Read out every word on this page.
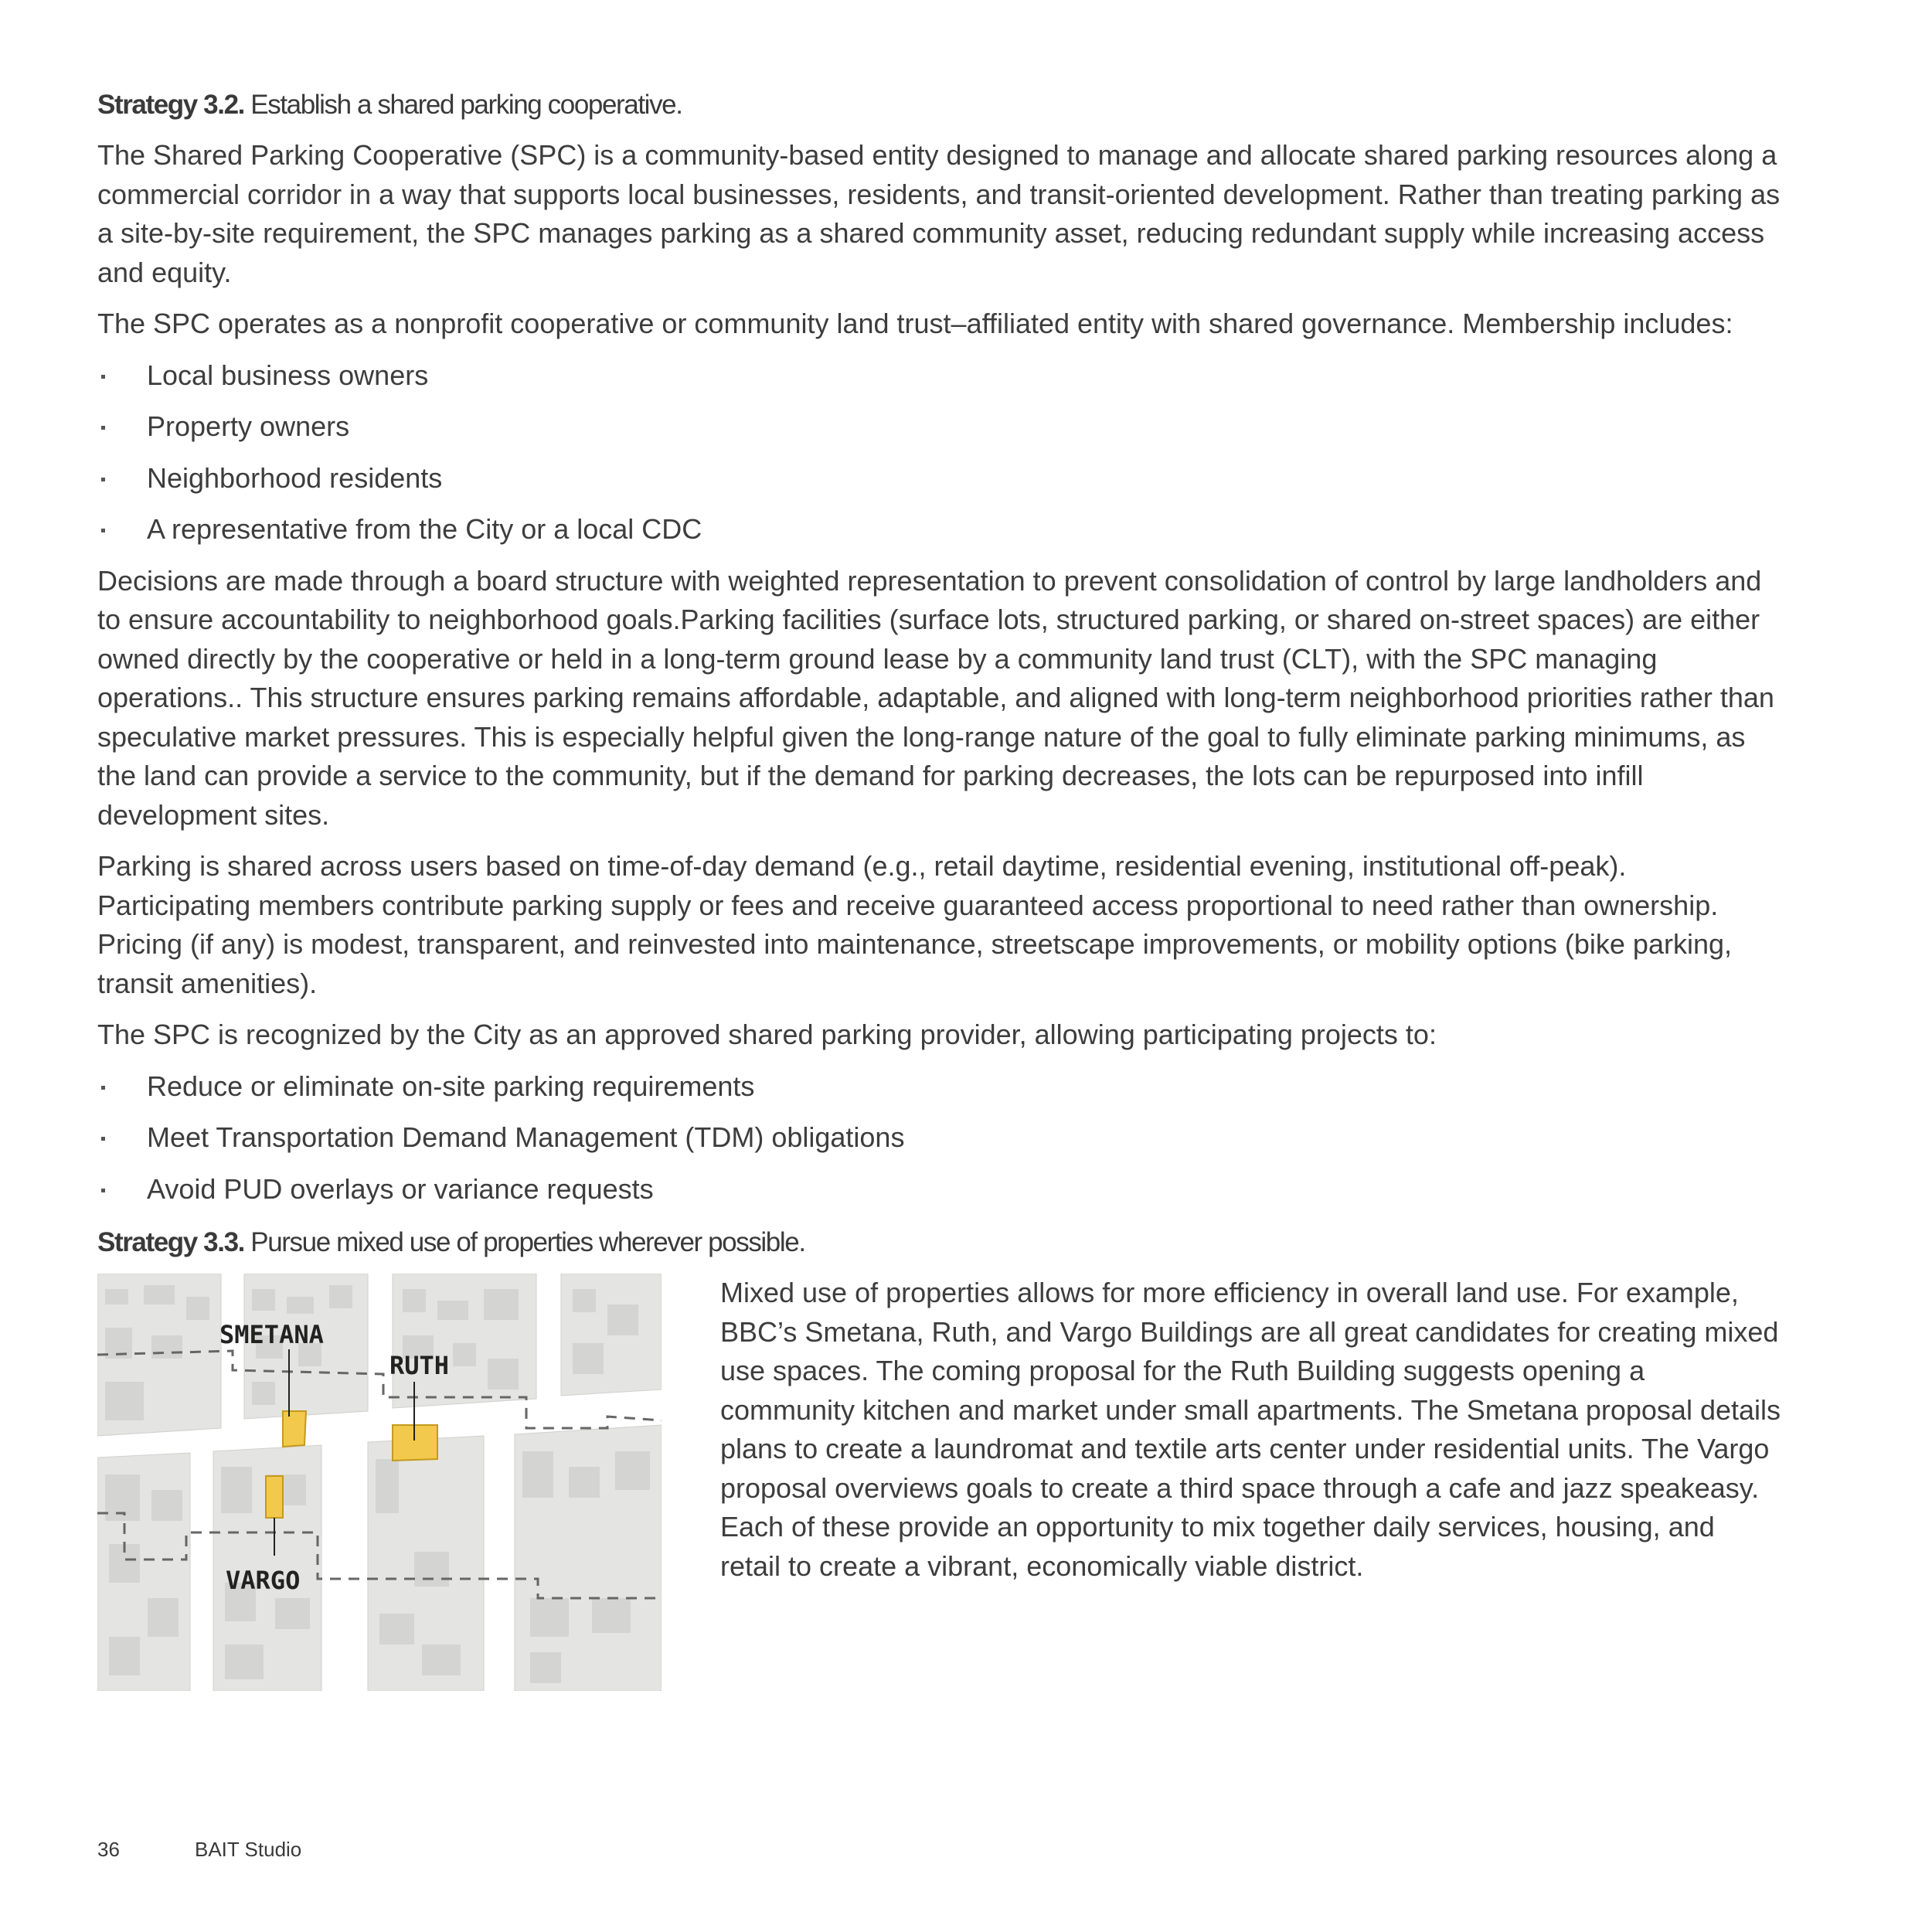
Strategy 3.2. Establish a shared parking cooperative.

The Shared Parking Cooperative (SPC) is a community-based entity designed to manage and allocate shared parking resources along a commercial corridor in a way that supports local businesses, residents, and transit-oriented development. Rather than treating parking as a site-by-site requirement, the SPC manages parking as a shared community asset, reducing redundant supply while increasing access and equity.

The SPC operates as a nonprofit cooperative or community land trust–affiliated entity with shared governance. Membership includes:

Local business owners
Property owners
Neighborhood residents
A representative from the City or a local CDC

Decisions are made through a board structure with weighted representation to prevent consolidation of control by large landholders and to ensure accountability to neighborhood goals.Parking facilities (surface lots, structured parking, or shared on-street spaces) are either owned directly by the cooperative or held in a long-term ground lease by a community land trust (CLT), with the SPC managing operations.. This structure ensures parking remains affordable, adaptable, and aligned with long-term neighborhood priorities rather than speculative market pressures. This is especially helpful given the long-range nature of the goal to fully eliminate parking minimums, as the land can provide a service to the community, but if the demand for parking decreases, the lots can be repurposed into infill development sites.

Parking is shared across users based on time-of-day demand (e.g., retail daytime, residential evening, institutional off-peak). Participating members contribute parking supply or fees and receive guaranteed access proportional to need rather than ownership. Pricing (if any) is modest, transparent, and reinvested into maintenance, streetscape improvements, or mobility options (bike parking, transit amenities).

The SPC is recognized by the City as an approved shared parking provider, allowing participating projects to:

Reduce or eliminate on-site parking requirements
Meet Transportation Demand Management (TDM) obligations
Avoid PUD overlays or variance requests
Strategy 3.3. Pursue mixed use of properties wherever possible.
SMETANA
RUTH
VARGO

Mixed use of properties allows for more efficiency in overall land use. For example, BBC’s Smetana, Ruth, and Vargo Buildings are all great candidates for creating mixed use spaces. The coming proposal for the Ruth Building suggests opening a community kitchen and market under small apartments. The Smetana proposal details plans to create a laundromat and textile arts center under residential units. The Vargo proposal overviews goals to create a third space through a cafe and jazz speakeasy. Each of these provide an opportunity to mix together daily services, housing, and retail to create a vibrant, economically viable district.

36	BAIT Studio
